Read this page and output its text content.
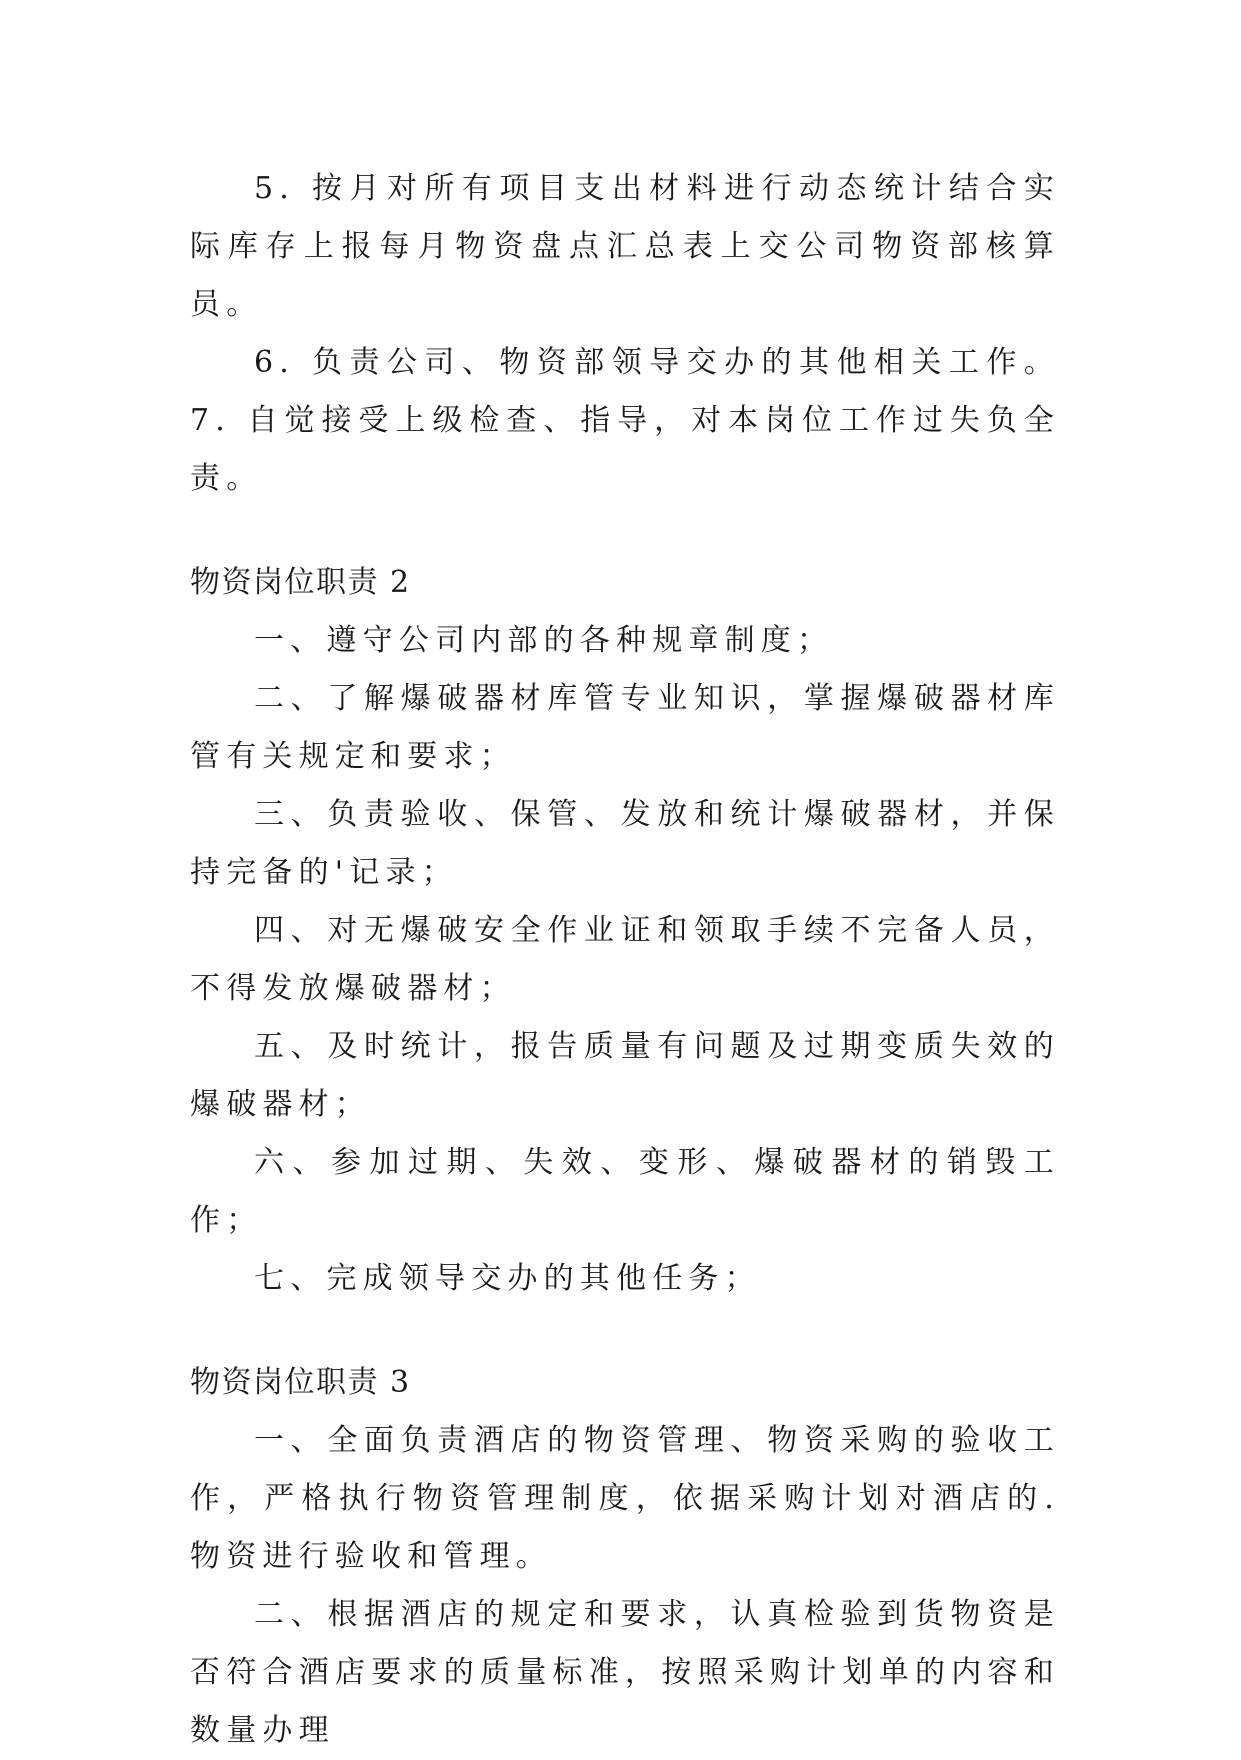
5. 按月对所有项目支出材料进行动态统计结合实际库存上报每月物资盘点汇总表上交公司物资部核算员。

6. 负责公司、物资部领导交办的其他相关工作。 7. 自觉接受上级检查、指导，对本岗位工作过失负全责。

物资岗位职责 2

一、遵守公司内部的各种规章制度；

二、了解爆破器材库管专业知识，掌握爆破器材库管有关规定和要求；

三、负责验收、保管、发放和统计爆破器材，并保持完备的'记录；

四、对无爆破安全作业证和领取手续不完备人员，不得发放爆破器材；

五、及时统计，报告质量有问题及过期变质失效的爆破器材；

六、参加过期、失效、变形、爆破器材的销毁工作；

七、完成领导交办的其他任务；

物资岗位职责 3

一、全面负责酒店的物资管理、物资采购的验收工作，严格执行物资管理制度，依据采购计划对酒店的.物资进行验收和管理。

二、根据酒店的规定和要求，认真检验到货物资是否符合酒店要求的质量标准，按照采购计划单的内容和数量办理
